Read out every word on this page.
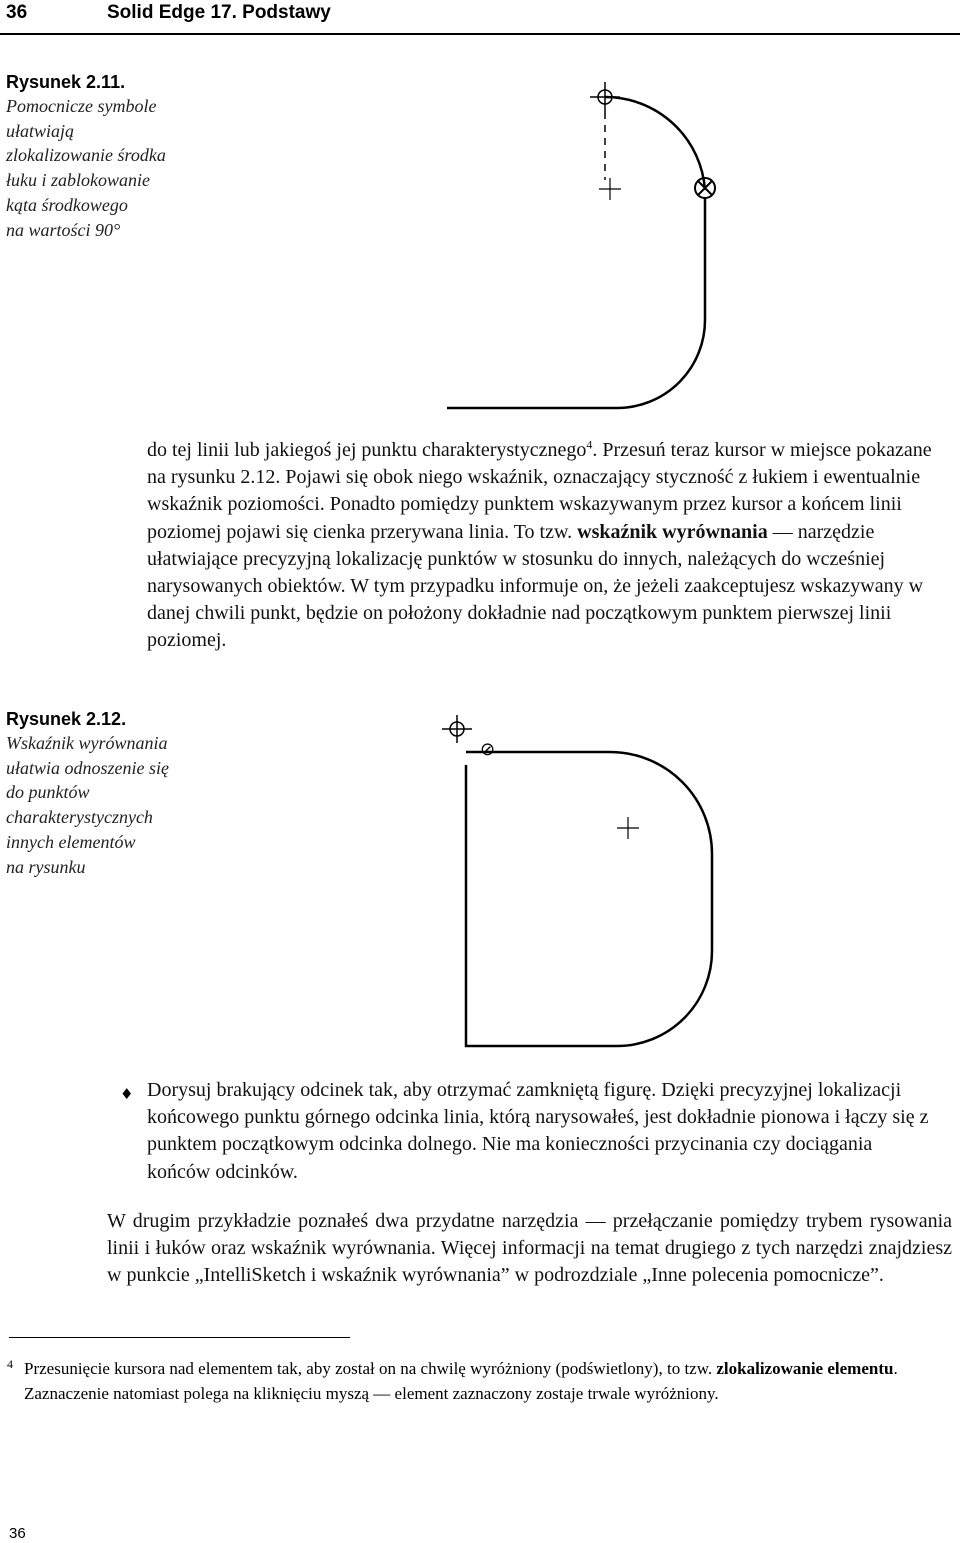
36	Solid Edge 17. Podstawy
Rysunek 2.11.
Pomocnicze symbole
ułatwiają
zlokalizowanie środka
łuku i zablokowanie
kąta środkowego
na wartości 90°

do tej linii lub jakiegoś jej punktu charakterystycznego$^4$. Przesuń teraz kursor w miejsce pokazane na rysunku 2.12. Pojawi się obok niego wskaźnik, oznaczający styczność z łukiem i ewentualnie wskaźnik poziomości. Ponadto pomiędzy punktem wskazywanym przez kursor a końcem linii poziomej pojawi się cienka przerywana linia. To tzw. wskaźnik wyrównania — narzędzie ułatwiające precyzyjną lokalizację punktów w stosunku do innych, należących do wcześniej narysowanych obiektów. W tym przypadku informuje on, że jeżeli zaakceptujesz wskazywany w danej chwili punkt, będzie on położony dokładnie nad początkowym punktem pierwszej linii poziomej.

Rysunek 2.12.
Wskaźnik wyrównania
ułatwia odnoszenie się
do punktów
charakterystycznych
innych elementów
na rysunku
⊘
♦ Dorysuj brakujący odcinek tak, aby otrzymać zamkniętą figurę. Dzięki precyzyjnej lokalizacji końcowego punktu górnego odcinka linia, którą narysowałeś, jest dokładnie pionowa i łączy się z punktem początkowym odcinka dolnego. Nie ma konieczności przycinania czy dociągania końców odcinków.

W drugim przykładzie poznałeś dwa przydatne narzędzia — przełączanie pomiędzy trybem rysowania linii i łuków oraz wskaźnik wyrównania. Więcej informacji na temat drugiego z tych narzędzi znajdziesz w punkcie „IntelliSketch i wskaźnik wyrównania” w podrozdziale „Inne polecenia pomocnicze”.

4 Przesunięcie kursora nad elementem tak, aby został on na chwilę wyróżniony (podświetlony), to tzw. zlokalizowanie elementu. Zaznaczenie natomiast polega na kliknięciu myszą — element zaznaczony zostaje trwale wyróżniony.
36
